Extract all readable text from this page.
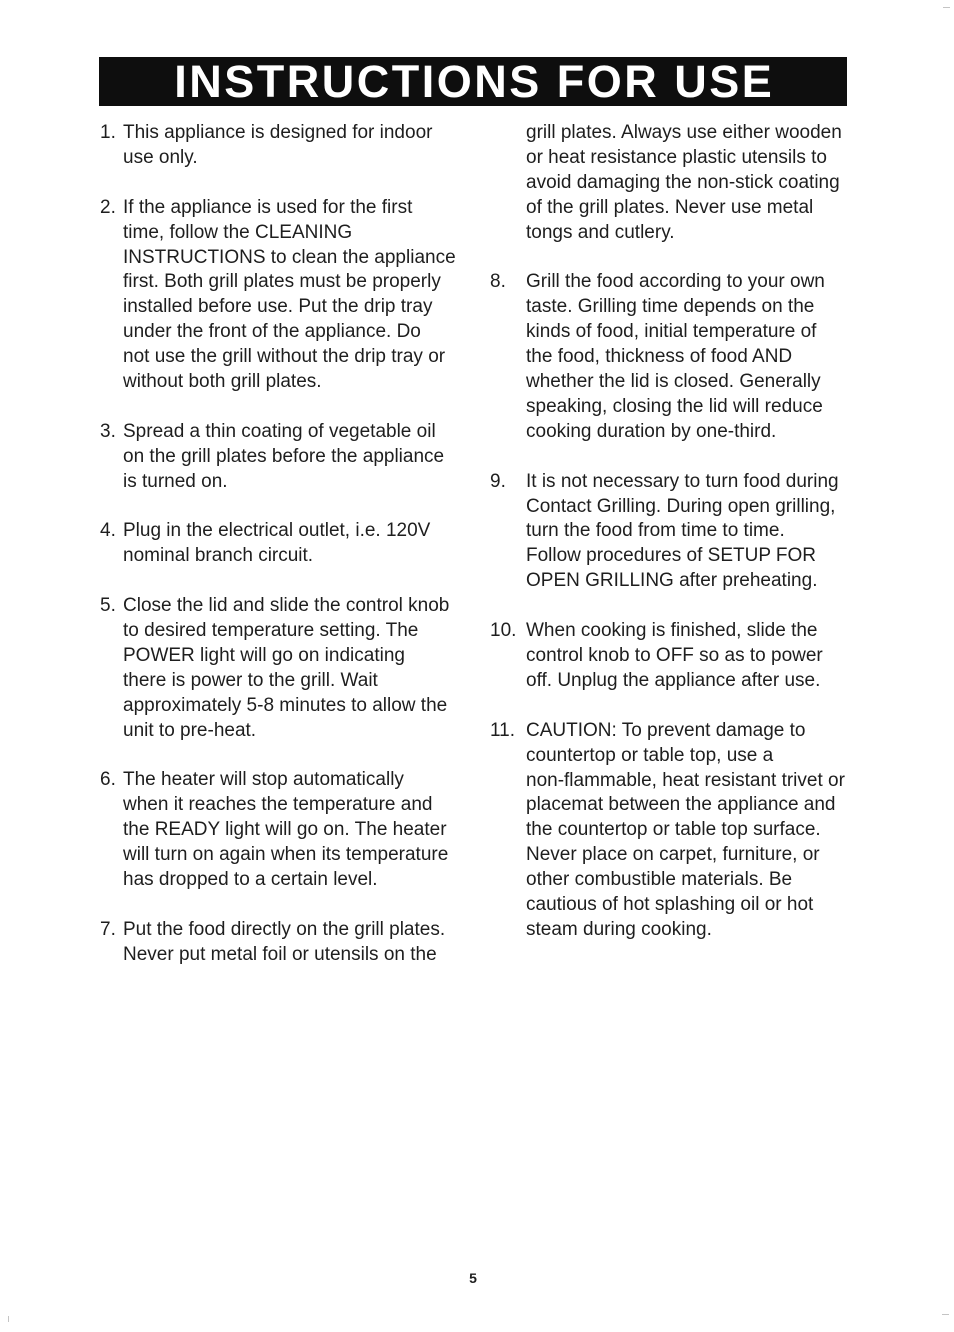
INSTRUCTIONS FOR USE
1. This appliance is designed for indoor
use only.
2. If the appliance is used for the first
time, follow the CLEANING
INSTRUCTIONS to clean the appliance
first. Both grill plates must be properly
installed before use. Put the drip tray
under the front of the appliance. Do
not use the grill without the drip tray or
without both grill plates.
3. Spread a thin coating of vegetable oil
on the grill plates before the appliance
is turned on.
4. Plug in the electrical outlet, i.e. 120V
nominal branch circuit.
5. Close the lid and slide the control knob
to desired temperature setting. The
POWER light will go on indicating
there is power to the grill. Wait
approximately 5-8 minutes to allow the
unit to pre-heat.
6. The heater will stop automatically
when it reaches the temperature and
the READY light will go on. The heater
will turn on again when its temperature
has dropped to a certain level.
7. Put the food directly on the grill plates.
Never put metal foil or utensils on the
grill plates. Always use either wooden
or heat resistance plastic utensils to
avoid damaging the non-stick coating
of the grill plates. Never use metal
tongs and cutlery.
8.	Grill the food according to your own
taste. Grilling time depends on the
kinds of food, initial temperature of
the food, thickness of food AND
whether the lid is closed. Generally
speaking, closing the lid will reduce
cooking duration by one-third.
9.	It is not necessary to turn food during
Contact Grilling. During open grilling,
turn the food from time to time.
Follow procedures of SETUP FOR
OPEN GRILLING after preheating.
10. When cooking is finished, slide the
control knob to OFF so as to power
off. Unplug the appliance after use.
11. CAUTION: To prevent damage to
countertop or table top, use a
non-flammable, heat resistant trivet or
placemat between the appliance and
the countertop or table top surface.
Never place on carpet, furniture, or
other combustible materials. Be
cautious of hot splashing oil or hot
steam during cooking.
5
